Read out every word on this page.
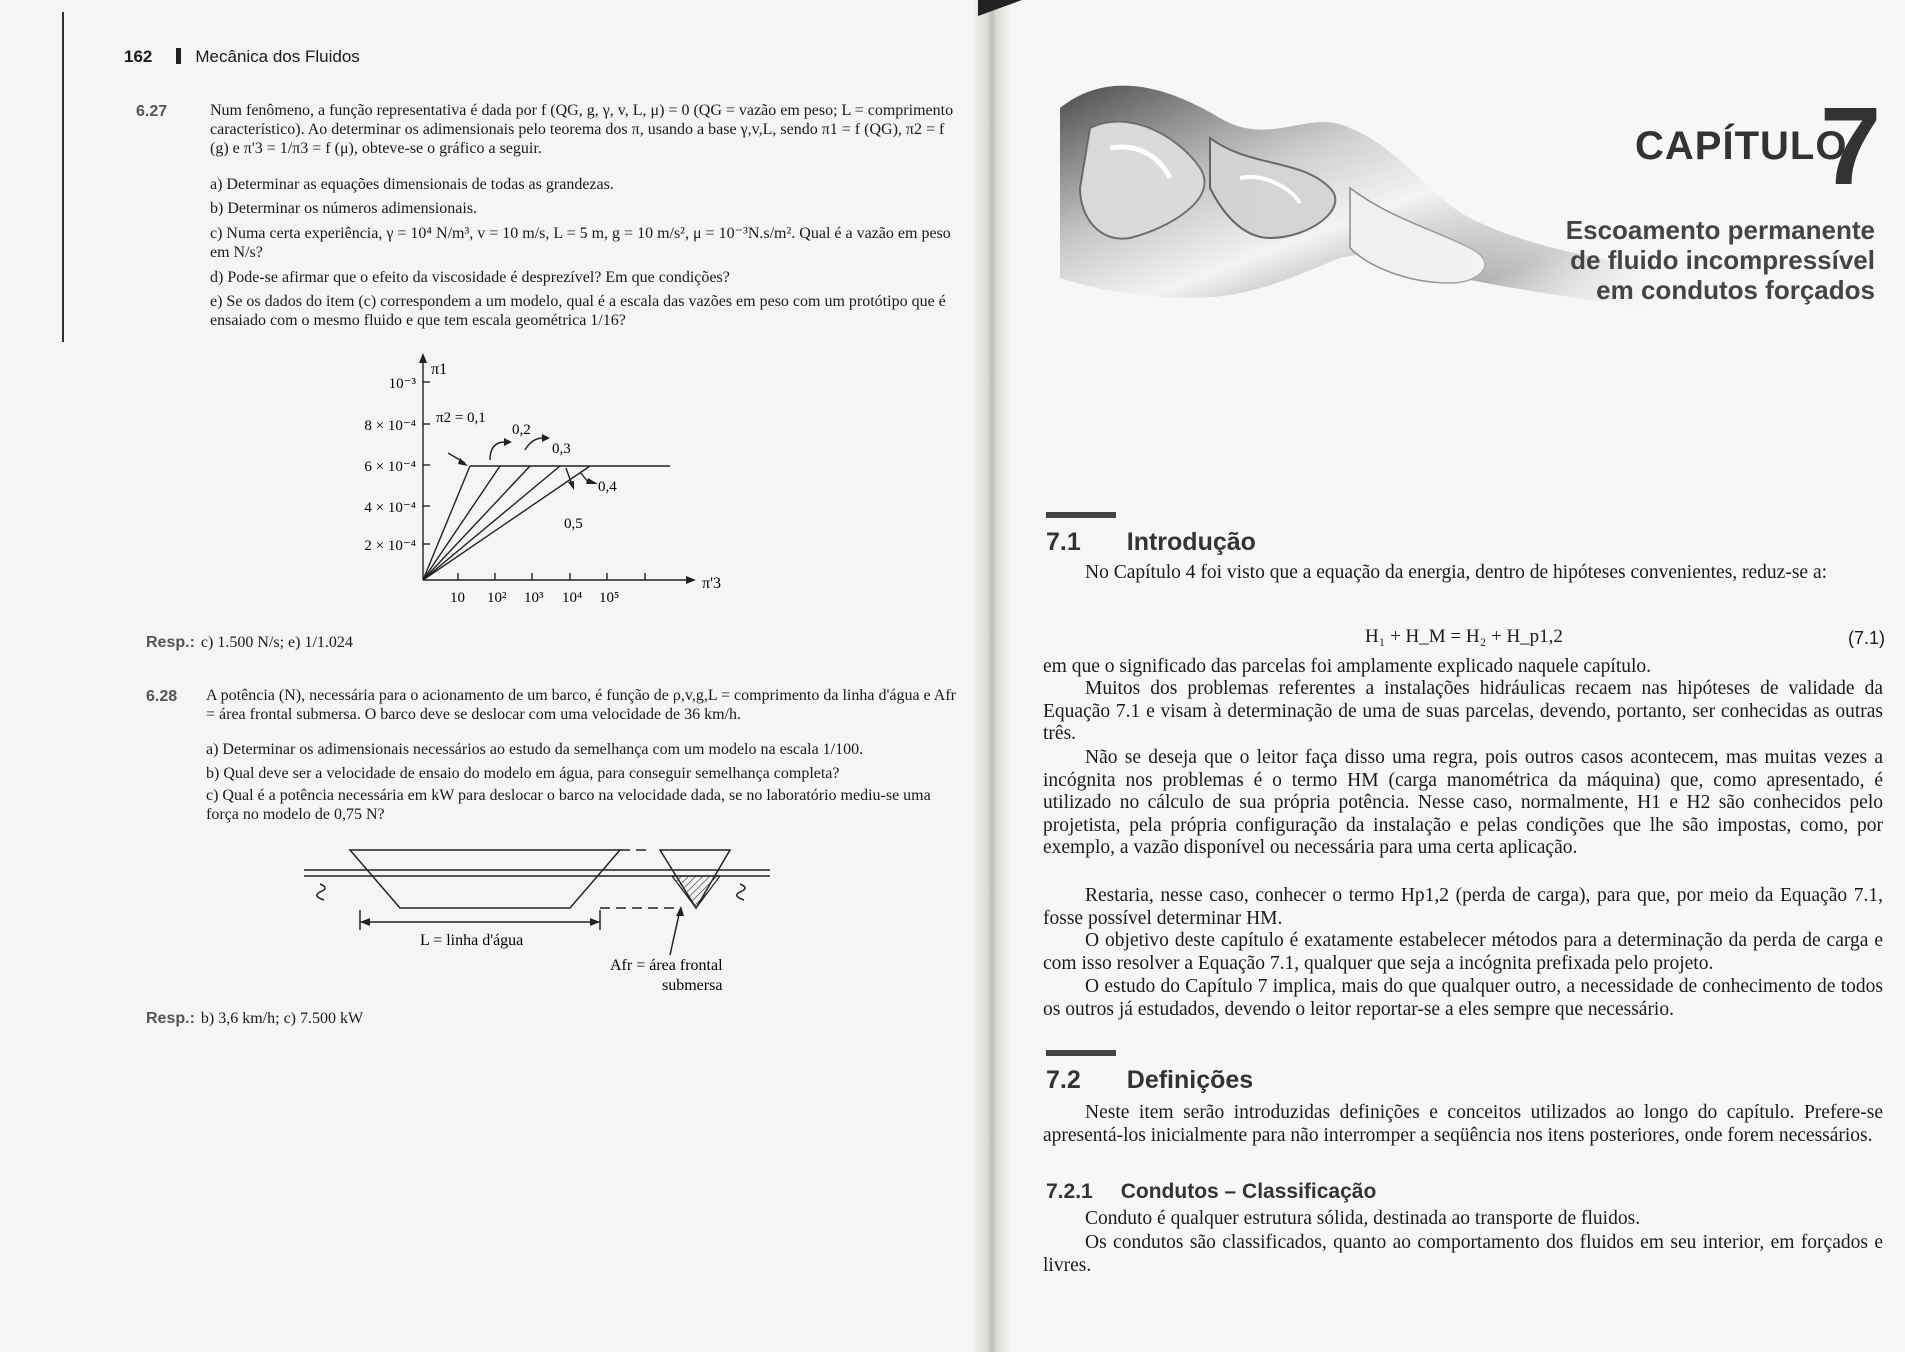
162	Mecânica dos Fluidos
6.27	Num fenômeno, a função representativa é dada por f (QG, g, γ, v, L, μ) = 0 (QG = vazão em peso; L = comprimento característico). Ao determinar os adimensionais pelo teorema dos π, usando a base γ,v,L, sendo π1 = f (QG), π2 = f (g) e π'3 = 1/π3 = f (μ), obteve-se o gráfico a seguir.
a) Determinar as equações dimensionais de todas as grandezas.
b) Determinar os números adimensionais.
c) Numa certa experiência, γ = 10⁴ N/m³, v = 10 m/s, L = 5 m, g = 10 m/s², μ = 10⁻³N.s/m². Qual é a vazão em peso em N/s?
d) Pode-se afirmar que o efeito da viscosidade é desprezível? Em que condições?
e) Se os dados do item (c) correspondem a um modelo, qual é a escala das vazões em peso com um protótipo que é ensaiado com o mesmo fluido e que tem escala geométrica 1/16?
π1
π'3
10⁻³
8 × 10⁻⁴
6 × 10⁻⁴
4 × 10⁻⁴
2 × 10⁻⁴
10 10² 10³ 10⁴ 10⁵
π2 = 0,1
0,2
0,3
0,4
0,5
Resp.: c) 1.500 N/s; e) 1/1.024
6.28 A potência (N), necessária para o acionamento de um barco, é função de ρ,v,g,L = comprimento da linha d'água e Afr = área frontal submersa. O barco deve se deslocar com uma velocidade de 36 km/h.
a) Determinar os adimensionais necessários ao estudo da semelhança com um modelo na escala 1/100.
b) Qual deve ser a velocidade de ensaio do modelo em água, para conseguir semelhança completa?
c) Qual é a potência necessária em kW para deslocar o barco na velocidade dada, se no laboratório mediu-se uma força no modelo de 0,75 N?
L = linha d'água
Afr = área frontal
submersa
Resp.: b) 3,6 km/h; c) 7.500 kW
CAPÍTULO
7
Escoamento permanente
de fluido incompressível
em condutos forçados
7.1 Introdução
No Capítulo 4 foi visto que a equação da energia, dentro de hipóteses convenientes, reduz-se a:
H₁ + H_M = H₂ + H_p1,2	(7.1)
em que o significado das parcelas foi amplamente explicado naquele capítulo.
Muitos dos problemas referentes a instalações hidráulicas recaem nas hipóteses de validade da Equação 7.1 e visam à determinação de uma de suas parcelas, devendo, portanto, ser conhecidas as outras três.
Não se deseja que o leitor faça disso uma regra, pois outros casos acontecem, mas muitas vezes a incógnita nos problemas é o termo HM (carga manométrica da máquina) que, como apresentado, é utilizado no cálculo de sua própria potência. Nesse caso, normalmente, H1 e H2 são conhecidos pelo projetista, pela própria configuração da instalação e pelas condições que lhe são impostas, como, por exemplo, a vazão disponível ou necessária para uma certa aplicação.
Restaria, nesse caso, conhecer o termo Hp1,2 (perda de carga), para que, por meio da Equação 7.1, fosse possível determinar HM.
O objetivo deste capítulo é exatamente estabelecer métodos para a determinação da perda de carga e com isso resolver a Equação 7.1, qualquer que seja a incógnita prefixada pelo projeto.
O estudo do Capítulo 7 implica, mais do que qualquer outro, a necessidade de conhecimento de todos os outros já estudados, devendo o leitor reportar-se a eles sempre que necessário.
7.2 Definições
Neste item serão introduzidas definições e conceitos utilizados ao longo do capítulo. Prefere-se apresentá-los inicialmente para não interromper a seqüência nos itens posteriores, onde forem necessários.
7.2.1 Condutos – Classificação
Conduto é qualquer estrutura sólida, destinada ao transporte de fluidos.
Os condutos são classificados, quanto ao comportamento dos fluidos em seu interior, em forçados e livres.
